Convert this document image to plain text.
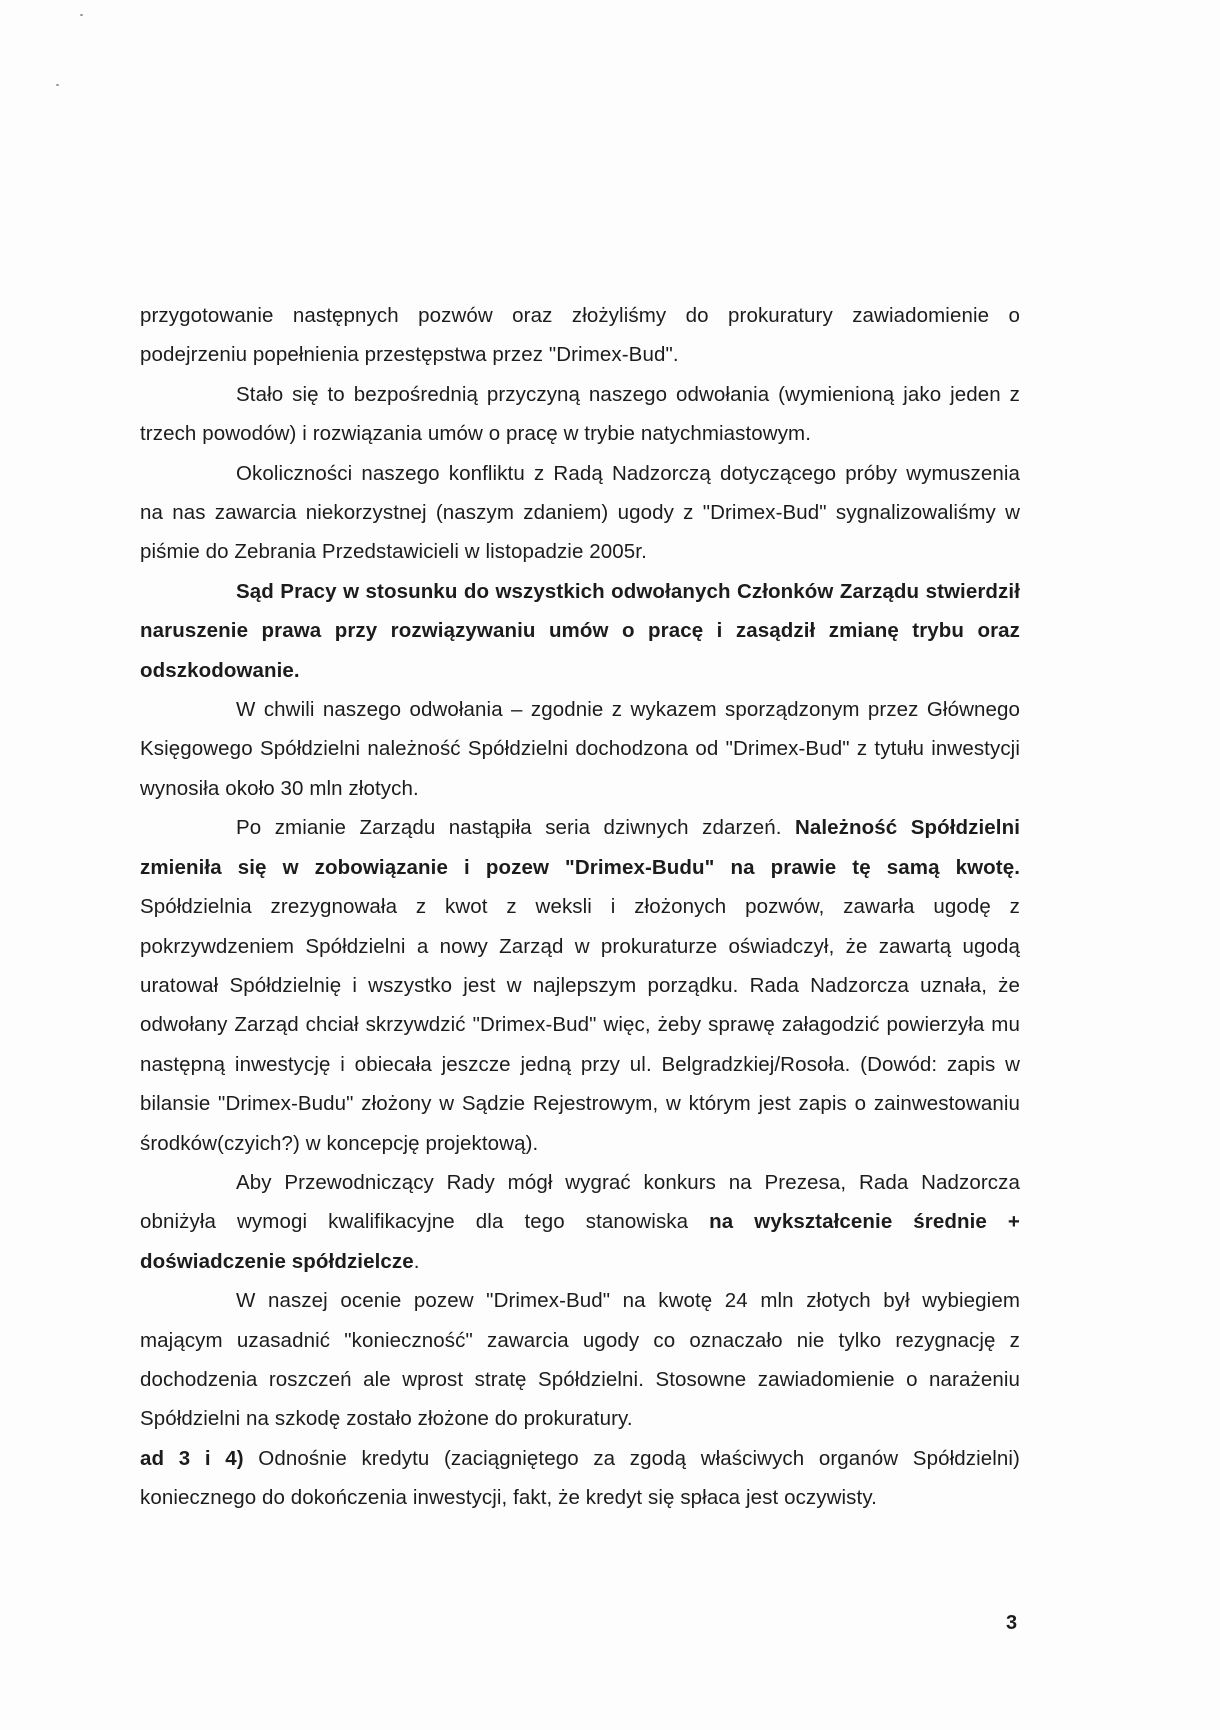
przygotowanie następnych pozwów oraz złożyliśmy do prokuratury zawiadomienie o podejrzeniu popełnienia przestępstwa przez "Drimex-Bud".

Stało się to bezpośrednią przyczyną naszego odwołania (wymienioną jako jeden z trzech powodów) i rozwiązania umów o pracę w trybie natychmiastowym.

Okoliczności naszego konfliktu z Radą Nadzorczą dotyczącego próby wymuszenia na nas zawarcia niekorzystnej (naszym zdaniem) ugody z "Drimex-Bud" sygnalizowaliśmy w piśmie do Zebrania Przedstawicieli w listopadzie 2005r.

Sąd Pracy w stosunku do wszystkich odwołanych Członków Zarządu stwierdził naruszenie prawa przy rozwiązywaniu umów o pracę i zasądził zmianę trybu oraz odszkodowanie.

W chwili naszego odwołania – zgodnie z wykazem sporządzonym przez Głównego Księgowego Spółdzielni należność Spółdzielni dochodzona od "Drimex-Bud" z tytułu inwestycji wynosiła około 30 mln złotych.

Po zmianie Zarządu nastąpiła seria dziwnych zdarzeń. Należność Spółdzielni zmieniła się w zobowiązanie i pozew "Drimex-Budu" na prawie tę samą kwotę. Spółdzielnia zrezygnowała z kwot z weksli i złożonych pozwów, zawarła ugodę z pokrzywdzeniem Spółdzielni a nowy Zarząd w prokuraturze oświadczył, że zawartą ugodą uratował Spółdzielnię i wszystko jest w najlepszym porządku. Rada Nadzorcza uznała, że odwołany Zarząd chciał skrzywdzić "Drimex-Bud" więc, żeby sprawę załagodzić powierzyła mu następną inwestycję i obiecała jeszcze jedną przy ul. Belgradzkiej/Rosoła. (Dowód: zapis w bilansie "Drimex-Budu" złożony w Sądzie Rejestrowym, w którym jest zapis o zainwestowaniu środków(czyich?) w koncepcję projektową).

Aby Przewodniczący Rady mógł wygrać konkurs na Prezesa, Rada Nadzorcza obniżyła wymogi kwalifikacyjne dla tego stanowiska na wykształcenie średnie + doświadczenie spółdzielcze.

W naszej ocenie pozew "Drimex-Bud" na kwotę 24 mln złotych był wybiegiem mającym uzasadnić "konieczność" zawarcia ugody co oznaczało nie tylko rezygnację z dochodzenia roszczeń ale wprost stratę Spółdzielni. Stosowne zawiadomienie o narażeniu Spółdzielni na szkodę zostało złożone do prokuratury.

ad 3 i 4) Odnośnie kredytu (zaciągniętego za zgodą właściwych organów Spółdzielni) koniecznego do dokończenia inwestycji, fakt, że kredyt się spłaca jest oczywisty.

3
